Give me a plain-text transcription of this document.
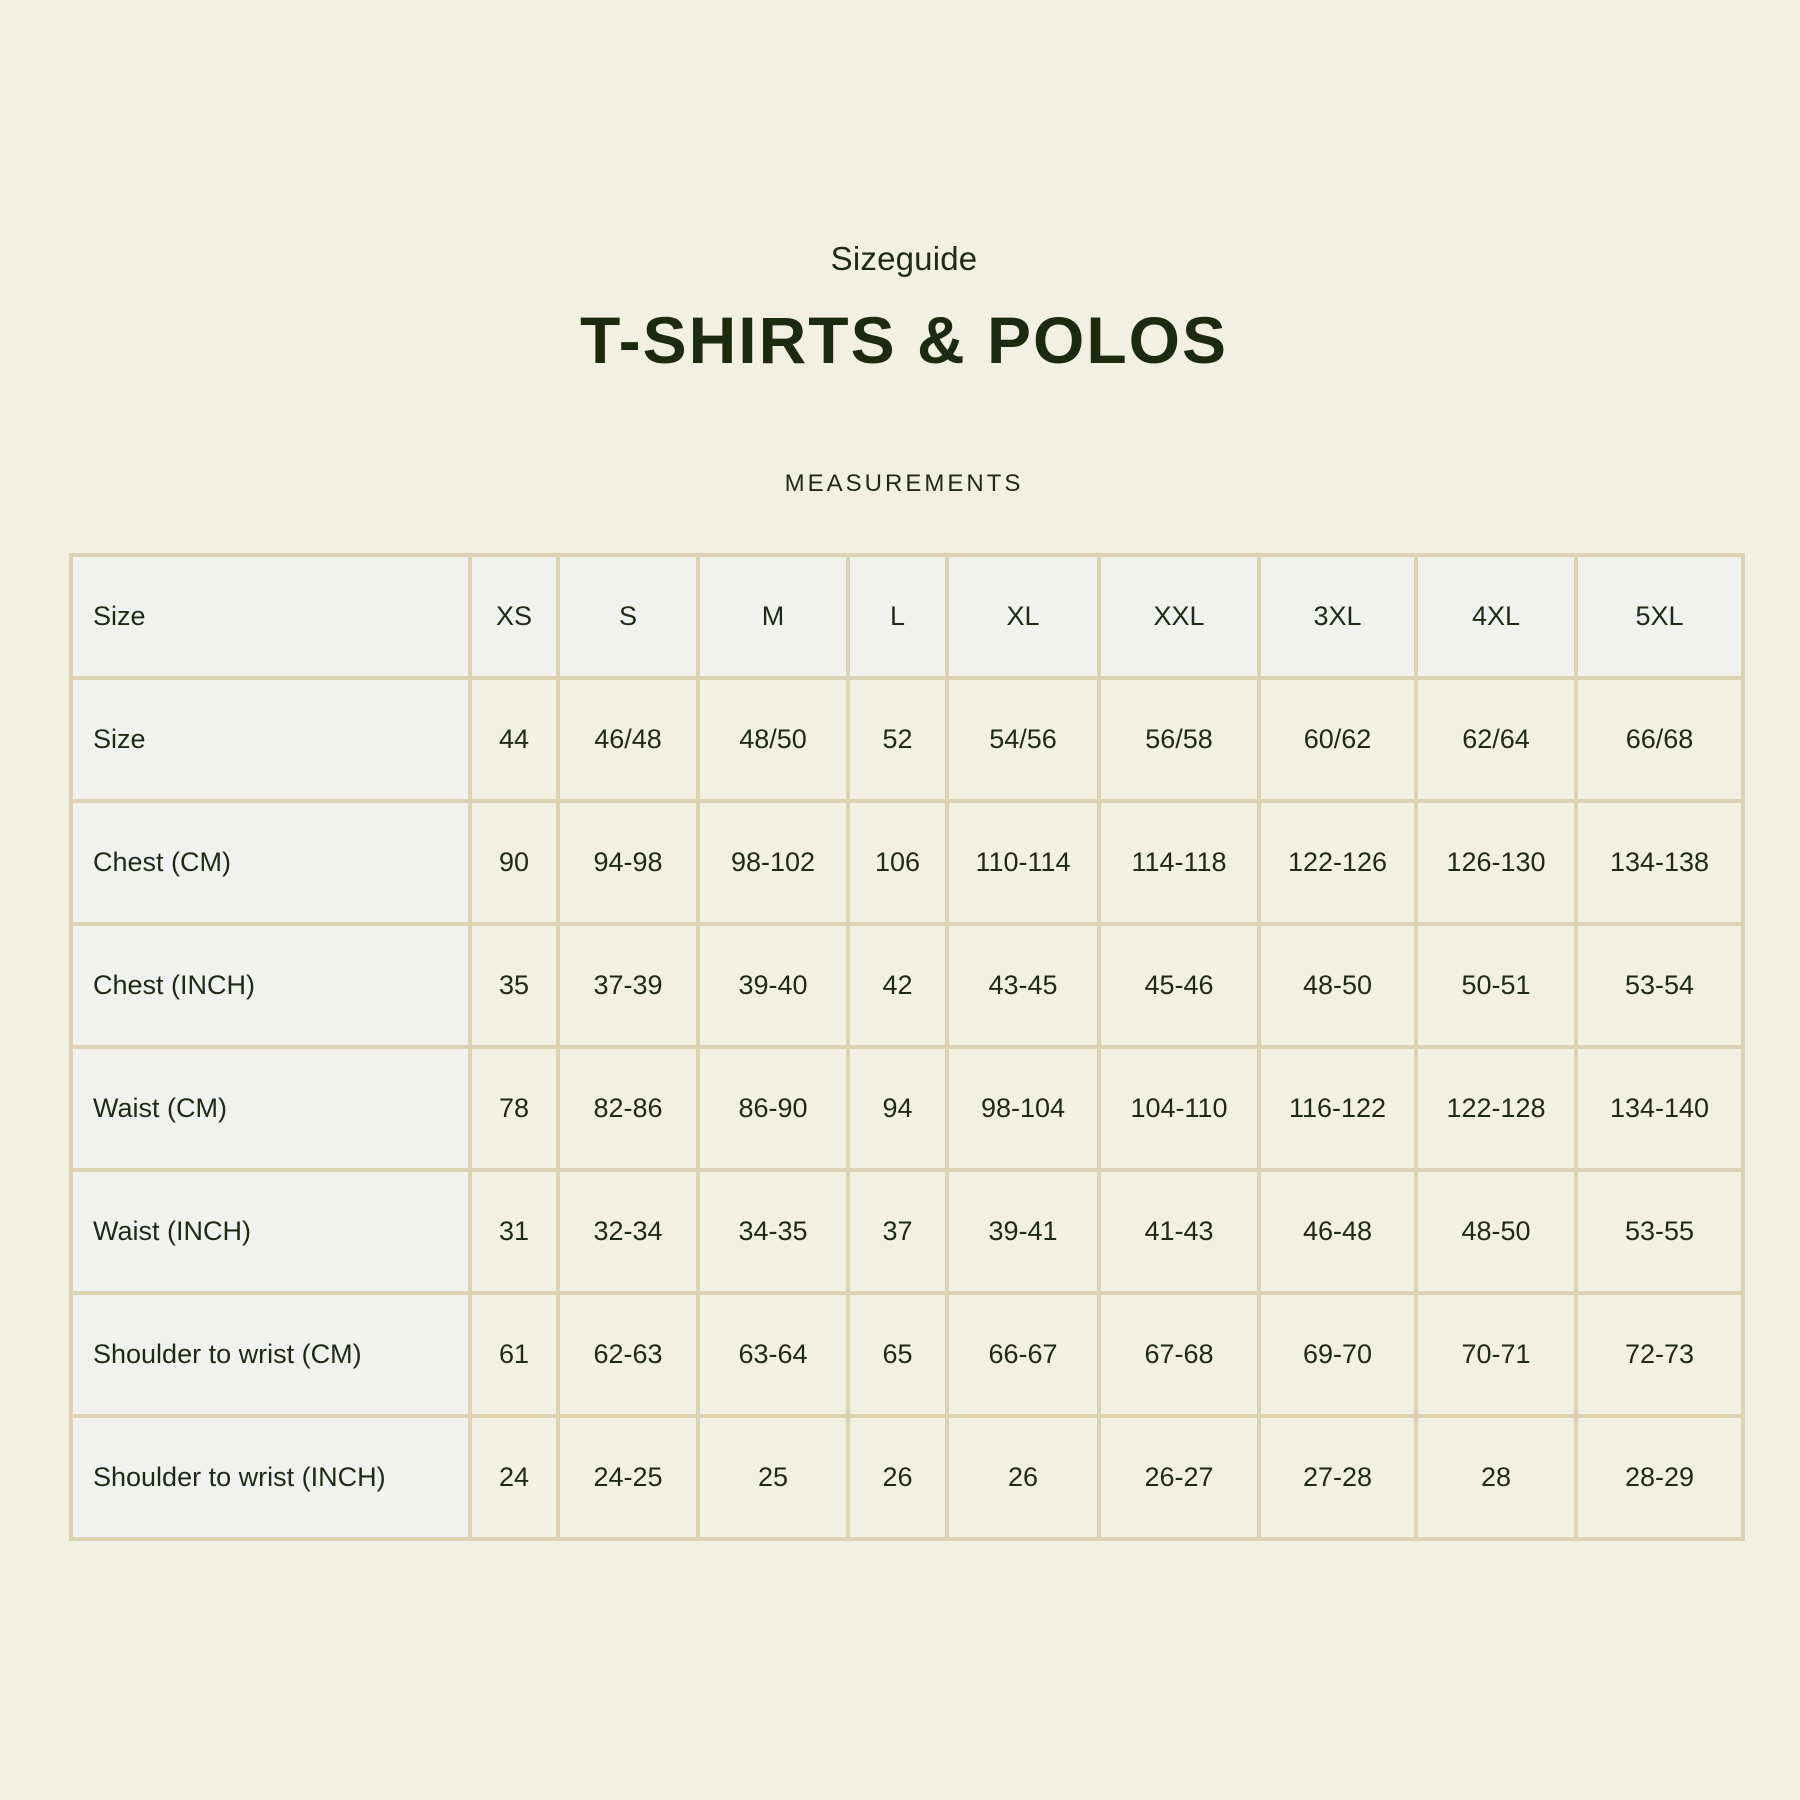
Sizeguide
T-SHIRTS & POLOS
MEASUREMENTS
Size	XS	S	M	L	XL	XXL	3XL	4XL	5XL
Size	44	46/48	48/50	52	54/56	56/58	60/62	62/64	66/68
Chest (CM)	90	94-98	98-102	106	110-114	114-118	122-126	126-130	134-138
Chest (INCH)	35	37-39	39-40	42	43-45	45-46	48-50	50-51	53-54
Waist (CM)	78	82-86	86-90	94	98-104	104-110	116-122	122-128	134-140
Waist (INCH)	31	32-34	34-35	37	39-41	41-43	46-48	48-50	53-55
Shoulder to wrist (CM)	61	62-63	63-64	65	66-67	67-68	69-70	70-71	72-73
Shoulder to wrist (INCH)	24	24-25	25	26	26	26-27	27-28	28	28-29
